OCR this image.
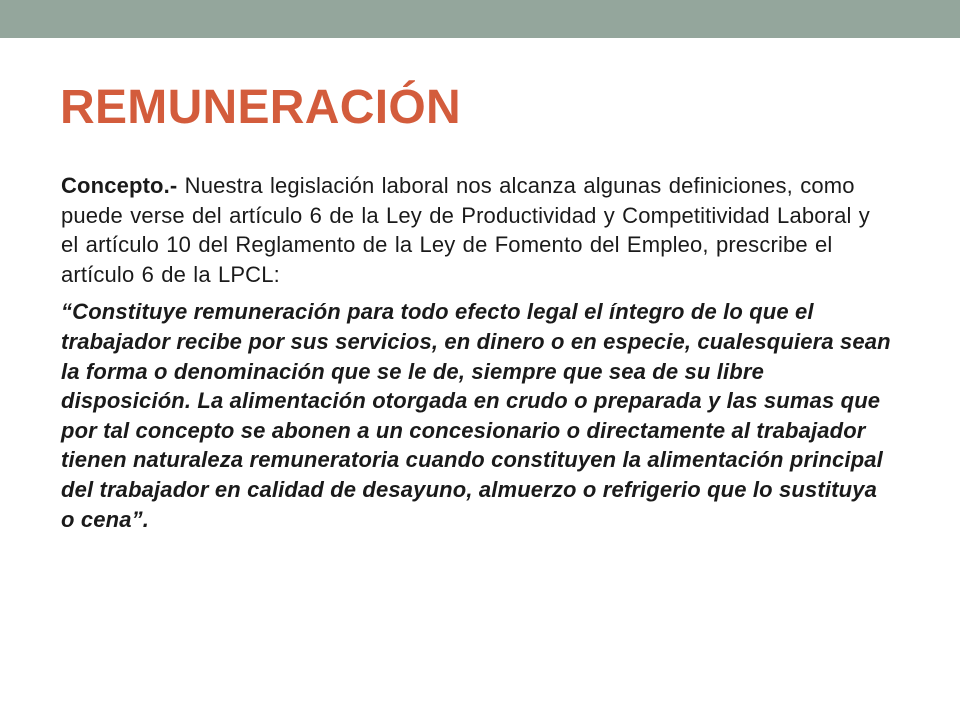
REMUNERACIÓN

Concepto.- Nuestra legislación laboral nos alcanza algunas definiciones, como puede verse del artículo 6 de la Ley de Productividad y Competitividad Laboral y el artículo 10 del Reglamento de la Ley de Fomento del Empleo, prescribe el artículo 6 de la LPCL:

“Constituye remuneración para todo efecto legal el íntegro de lo que el trabajador recibe por sus servicios, en dinero o en especie, cualesquiera sean la forma o denominación que se le de, siempre que sea de su libre disposición. La alimentación otorgada en crudo o preparada y las sumas que por tal concepto se abonen a un concesionario o directamente al trabajador tienen naturaleza remuneratoria cuando constituyen la alimentación principal del trabajador en calidad de desayuno, almuerzo o refrigerio que lo sustituya o cena”.
